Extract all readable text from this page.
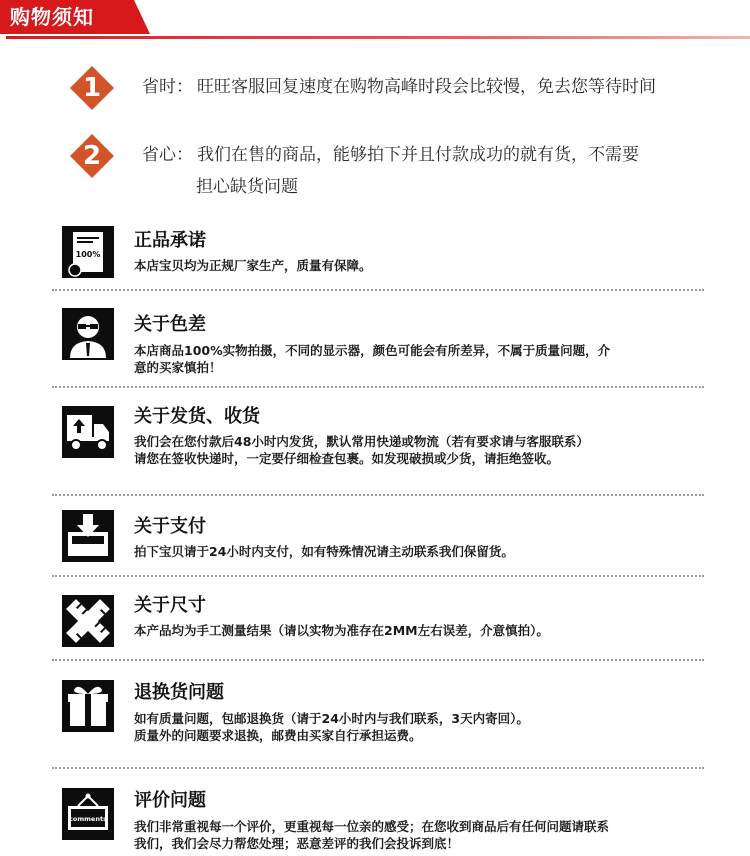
购物须知
1	省时： 旺旺客服回复速度在购物高峰时段会比较慢，免去您等待时间
2	省心： 我们在售的商品，能够拍下并且付款成功的就有货，不需要
担心缺货问题
100%
正品承诺
本店宝贝均为正规厂家生产，质量有保障。
关于色差
本店商品100%实物拍摄，不同的显示器，颜色可能会有所差异，不属于质量问题，介
意的买家慎拍！
关于发货、收货
我们会在您付款后48小时内发货，默认常用快递或物流（若有要求请与客服联系）
请您在签收快递时，一定要仔细检查包裹。如发现破损或少货，请拒绝签收。
关于支付
拍下宝贝请于24小时内支付，如有特殊情况请主动联系我们保留货。
关于尺寸
本产品均为手工测量结果（请以实物为准存在2MM左右误差，介意慎拍）。
退换货问题
如有质量问题，包邮退换货（请于24小时内与我们联系，3天内寄回）。
质量外的问题要求退换，邮费由买家自行承担运费。
comments
评价问题
我们非常重视每一个评价，更重视每一位亲的感受；在您收到商品后有任何问题请联系
我们，我们会尽力帮您处理；恶意差评的我们会投诉到底！
